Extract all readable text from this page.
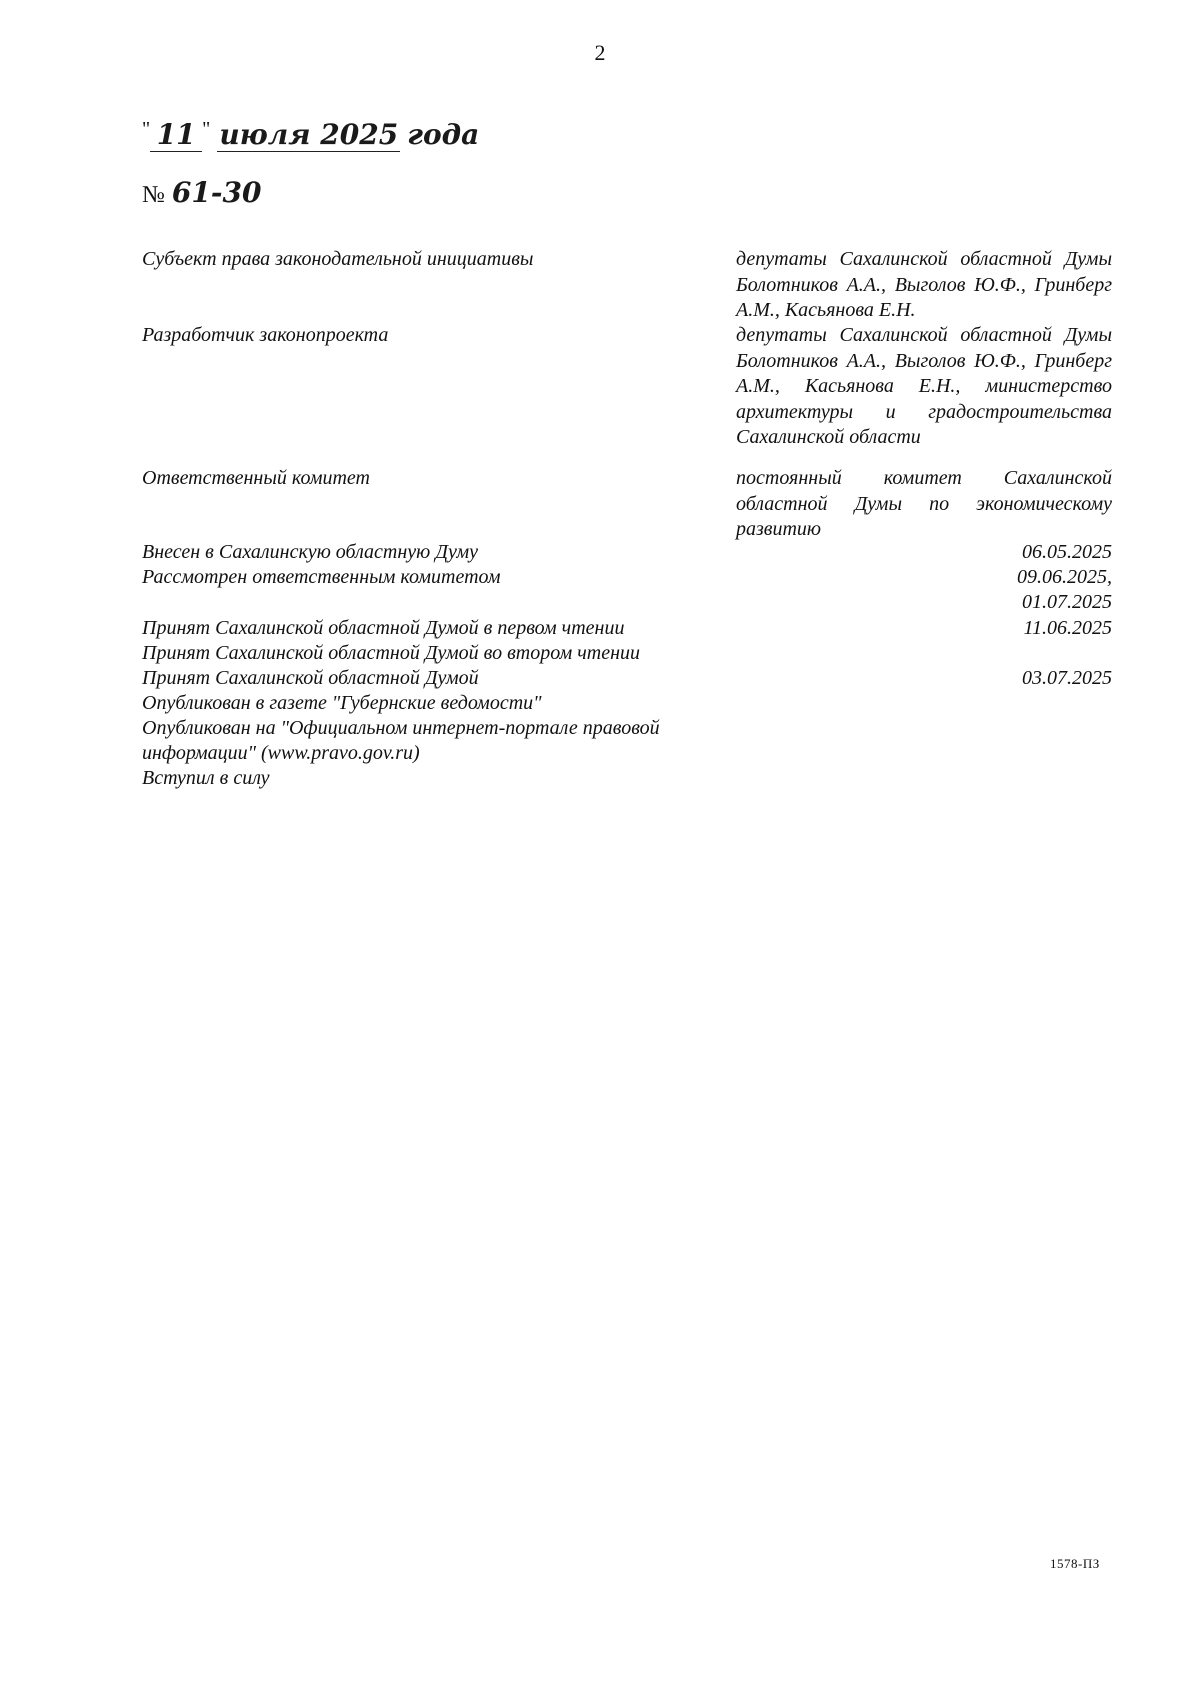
2
" 11 " июля 2025 года
№ 61-30
Субъект права законодательной инициативы	депутаты Сахалинской областной Думы Болотников А.А., Выголов Ю.Ф., Гринберг А.М., Касьянова Е.Н.
Разработчик законопроекта	депутаты Сахалинской областной Думы Болотников А.А., Выголов Ю.Ф., Гринберг А.М., Касьянова Е.Н., министерство архитектуры и градостроительства Сахалинской области
Ответственный комитет	постоянный комитет Сахалинской областной Думы по экономическому развитию
Внесен в Сахалинскую областную Думу	06.05.2025
Рассмотрен ответственным комитетом	09.06.2025,
01.07.2025
Принят Сахалинской областной Думой в первом чтении	11.06.2025
Принят Сахалинской областной Думой во втором чтении
Принят Сахалинской областной Думой	03.07.2025
Опубликован в газете "Губернские ведомости"
Опубликован на "Официальном интернет-портале правовой
информации" (www.pravo.gov.ru)
Вступил в силу
1578-ПЗ
